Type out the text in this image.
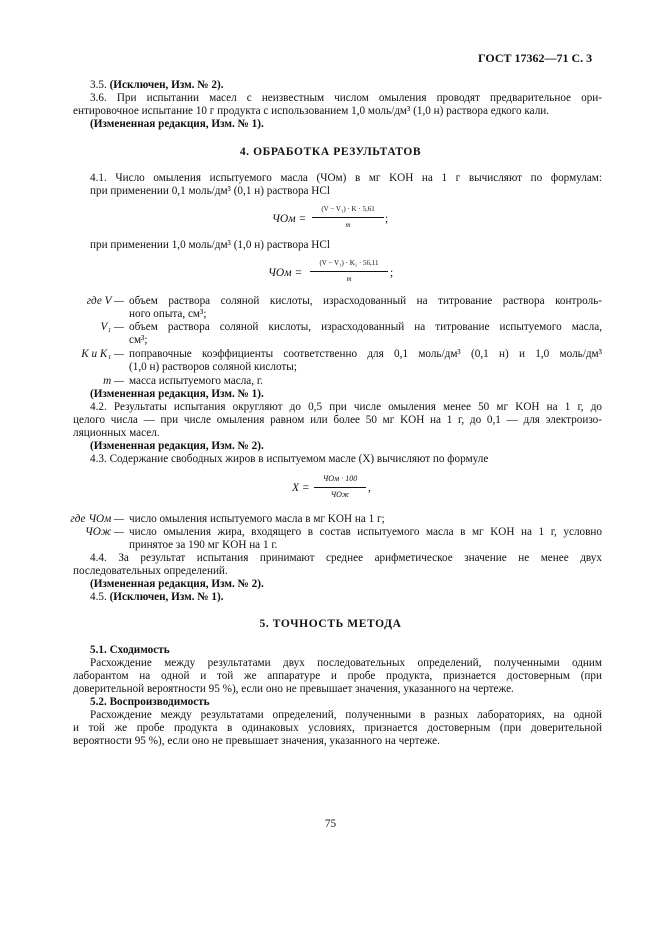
ГОСТ 17362—71 С. 3
3.5. (Исключен, Изм. № 2).
3.6. При испытании масел с неизвестным числом омыления проводят предварительное ори-
ентировочное испытание 10 г продукта с использованием 1,0 моль/дм³ (1,0 н) раствора едкого кали.
(Измененная редакция, Изм. № 1).
4. ОБРАБОТКА РЕЗУЛЬТАТОВ
4.1. Число омыления испытуемого масла (ЧОм) в мг KOH на 1 г вычисляют по формулам:
при применении 0,1 моль/дм³ (0,1 н) раствора HCl
ЧОм =
(V − V₁) · K · 5,61
m	;
при применении 1,0 моль/дм³ (1,0 н) раствора HCl
ЧОм =
(V − V₁) · K₁ · 56,11
m	;
где V — объем раствора соляной кислоты, израсходованный на титрование раствора контроль-
ного опыта, см³;
V₁ — объем раствора соляной кислоты, израсходованный на титрование испытуемого масла,
см³;
K и K₁ — поправочные коэффициенты соответственно для 0,1 моль/дм³ (0,1 н) и 1,0 моль/дм³
(1,0 н) растворов соляной кислоты;
m — масса испытуемого масла, г.
(Измененная редакция, Изм. № 1).
4.2. Результаты испытания округляют до 0,5 при числе омыления менее 50 мг KOH на 1 г, до
целого числа — при числе омыления равном или более 50 мг KOH на 1 г, до 0,1 — для электроизо-
ляционных масел.
(Измененная редакция, Изм. № 2).
4.3. Содержание свободных жиров в испытуемом масле (X) вычисляют по формуле
X =
ЧОм · 100
ЧОж
,
где ЧОм — число омыления испытуемого масла в мг KOH на 1 г;
ЧОж — число омыления жира, входящего в состав испытуемого масла в мг KOH на 1 г, условно
принятое за 190 мг KOH на 1 г.
4.4. За результат испытания принимают среднее арифметическое значение не менее двух
последовательных определений.
(Измененная редакция, Изм. № 2).
4.5. (Исключен, Изм. № 1).
5. ТОЧНОСТЬ МЕТОДА
5.1. Сходимость
Расхождение между результатами двух последовательных определений, полученными одним
лаборантом на одной и той же аппаратуре и пробе продукта, признается достоверным (при
доверительной вероятности 95 %), если оно не превышает значения, указанного на чертеже.
5.2. Воспроизводимость
Расхождение между результатами определений, полученными в разных лабораториях, на одной
и той же пробе продукта в одинаковых условиях, признается достоверным (при доверительной
вероятности 95 %), если оно не превышает значения, указанного на чертеже.
75
